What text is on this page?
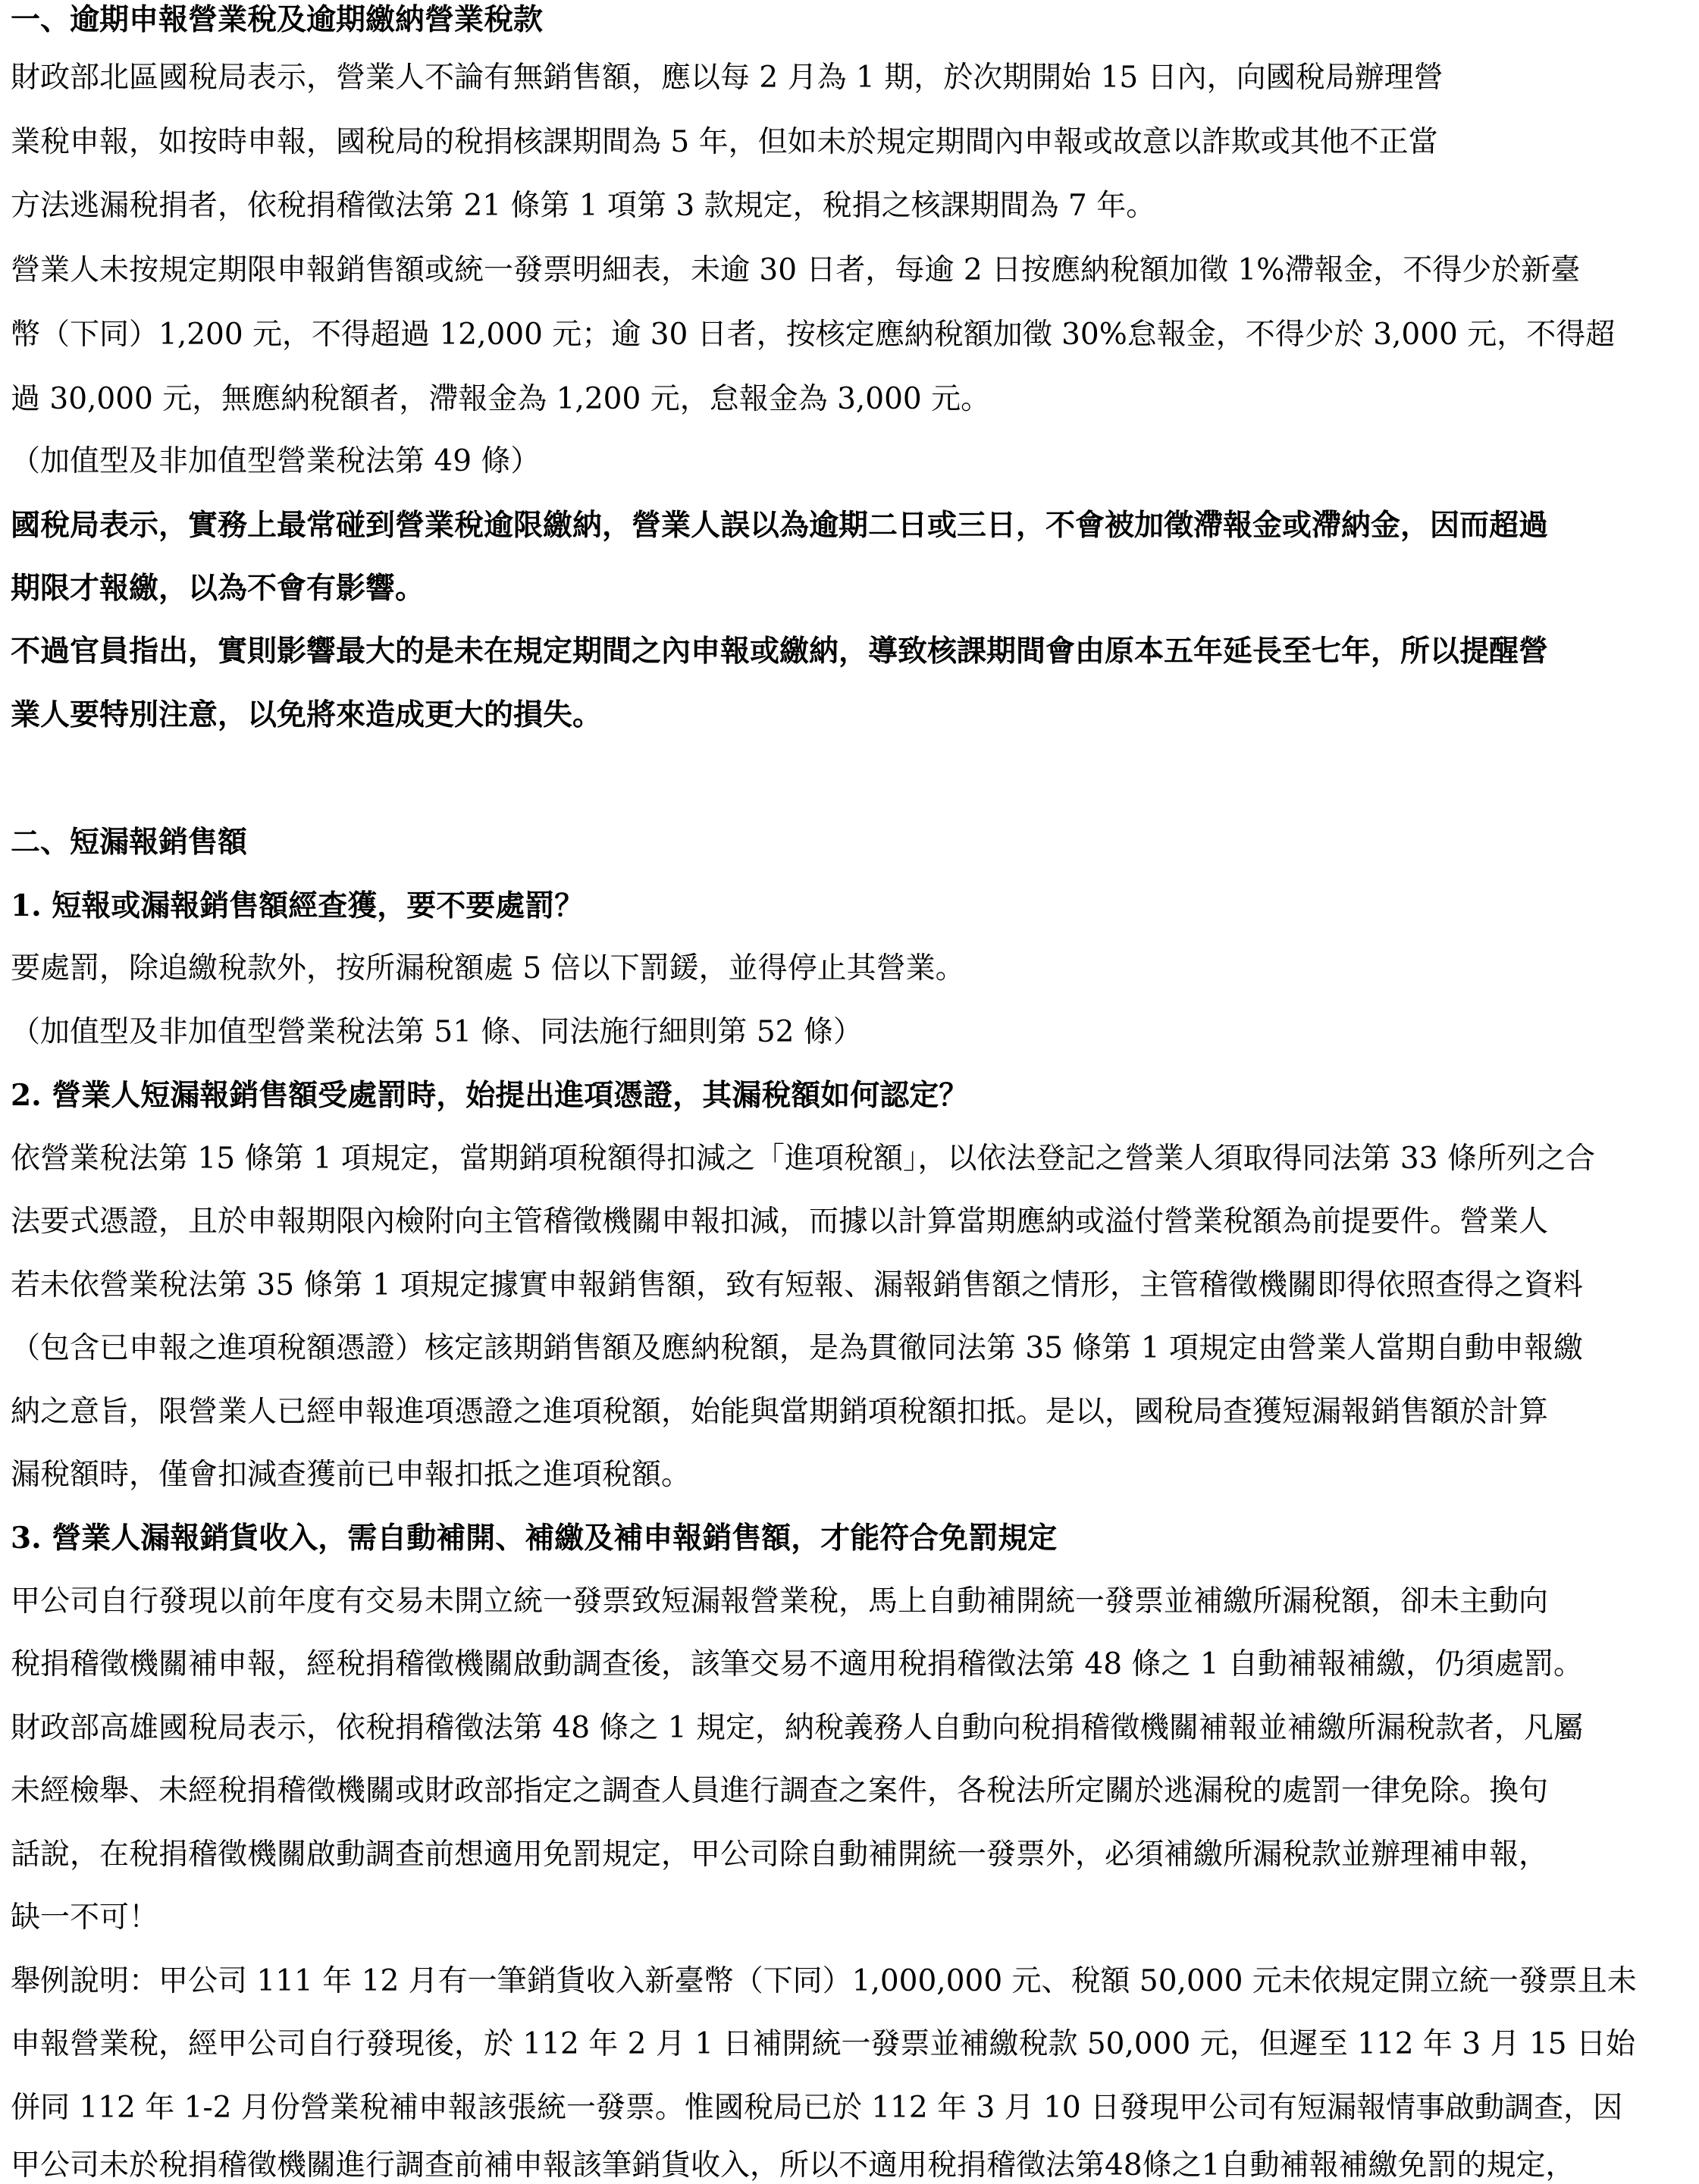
一、逾期申報營業稅及逾期繳納營業稅款
財政部北區國稅局表示，營業人不論有無銷售額，應以每 2 月為 1 期，於次期開始 15 日內，向國稅局辦理營
業稅申報，如按時申報，國稅局的稅捐核課期間為 5 年，但如未於規定期間內申報或故意以詐欺或其他不正當
方法逃漏稅捐者，依稅捐稽徵法第 21 條第 1 項第 3 款規定，稅捐之核課期間為 7 年。
營業人未按規定期限申報銷售額或統一發票明細表，未逾 30 日者，每逾 2 日按應納稅額加徵 1%滯報金，不得少於新臺
幣（下同）1,200 元，不得超過 12,000 元；逾 30 日者，按核定應納稅額加徵 30%怠報金，不得少於 3,000 元，不得超
過 30,000 元，無應納稅額者，滯報金為 1,200 元，怠報金為 3,000 元。
（加值型及非加值型營業稅法第 49 條）
國稅局表示，實務上最常碰到營業稅逾限繳納，營業人誤以為逾期二日或三日，不會被加徵滯報金或滯納金，因而超過
期限才報繳，以為不會有影響。
不過官員指出，實則影響最大的是未在規定期間之內申報或繳納，導致核課期間會由原本五年延長至七年，所以提醒營
業人要特別注意，以免將來造成更大的損失。
二、短漏報銷售額
1. 短報或漏報銷售額經查獲，要不要處罰？
要處罰，除追繳稅款外，按所漏稅額處 5 倍以下罰鍰，並得停止其營業。
（加值型及非加值型營業稅法第 51 條、同法施行細則第 52 條）
2. 營業人短漏報銷售額受處罰時，始提出進項憑證，其漏稅額如何認定？
依營業稅法第 15 條第 1 項規定，當期銷項稅額得扣減之「進項稅額」，以依法登記之營業人須取得同法第 33 條所列之合
法要式憑證，且於申報期限內檢附向主管稽徵機關申報扣減，而據以計算當期應納或溢付營業稅額為前提要件。營業人
若未依營業稅法第 35 條第 1 項規定據實申報銷售額，致有短報、漏報銷售額之情形，主管稽徵機關即得依照查得之資料
（包含已申報之進項稅額憑證）核定該期銷售額及應納稅額，是為貫徹同法第 35 條第 1 項規定由營業人當期自動申報繳
納之意旨，限營業人已經申報進項憑證之進項稅額，始能與當期銷項稅額扣抵。是以，國稅局查獲短漏報銷售額於計算
漏稅額時，僅會扣減查獲前已申報扣抵之進項稅額。
3. 營業人漏報銷貨收入，需自動補開、補繳及補申報銷售額，才能符合免罰規定
甲公司自行發現以前年度有交易未開立統一發票致短漏報營業稅，馬上自動補開統一發票並補繳所漏稅額，卻未主動向
稅捐稽徵機關補申報，經稅捐稽徵機關啟動調查後，該筆交易不適用稅捐稽徵法第 48 條之 1 自動補報補繳，仍須處罰。
財政部高雄國稅局表示，依稅捐稽徵法第 48 條之 1 規定，納稅義務人自動向稅捐稽徵機關補報並補繳所漏稅款者，凡屬
未經檢舉、未經稅捐稽徵機關或財政部指定之調查人員進行調查之案件，各稅法所定關於逃漏稅的處罰一律免除。換句
話說，在稅捐稽徵機關啟動調查前想適用免罰規定，甲公司除自動補開統一發票外，必須補繳所漏稅款並辦理補申報，
缺一不可！
舉例說明：甲公司 111 年 12 月有一筆銷貨收入新臺幣（下同）1,000,000 元、稅額 50,000 元未依規定開立統一發票且未
申報營業稅，經甲公司自行發現後，於 112 年 2 月 1 日補開統一發票並補繳稅款 50,000 元，但遲至 112 年 3 月 15 日始
併同 112 年 1-2 月份營業稅補申報該張統一發票。惟國稅局已於 112 年 3 月 10 日發現甲公司有短漏報情事啟動調查，因
甲公司未於稅捐稽徵機關進行調查前補申報該筆銷貨收入，所以不適用稅捐稽徵法第48條之1自動補報補繳免罰的規定，
